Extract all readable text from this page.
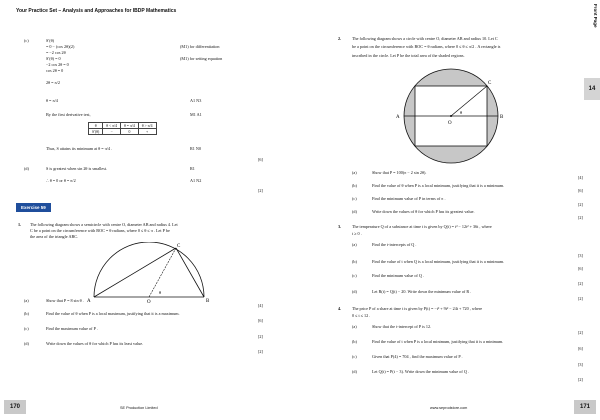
Your Practice Set – Analysis and Approaches for IBDP Mathematics
(c)	S′(θ)
= 0 − (cos 2θ)(2)	(M1) for differentiation
= −2 cos 2θ
S′(θ) = 0	(M1) for setting equation
−2 cos 2θ = 0
cos 2θ = 0
2θ = π/2
θ = π/4	A1 N3
By the first derivative test,	M1 A1
θ	θ < π/4	θ = π/4	θ > π/4
S′(θ)	−	0	+
Thus, S attains its minimum at θ = π/4 .	R1 N0
[6]
(d)	S is greatest when sin 2θ is smallest.	R1
∴ θ = 0 or θ = π/2	A1 N2
[2]
Exercise 59
1. The following diagram shows a semicircle with centre O, diameter AB and radius 4. Let
C be a point on the circumference with BOC = θ radians, where 0 ≤ θ ≤ π . Let P be
the area of the triangle ABC.
A	B
C
O
θ
(a)	Show that P = 8 sin θ .
[4]
(b)	Find the value of θ when P is a local maximum, justifying that it is a maximum.
[6]
(c)	Find the maximum value of P .
[2]
(d)	Write down the values of θ for which P has its least value.
[2]
170	SE Production Limited
Front Page
14
2.	The following diagram shows a circle with centre O, diameter AB and radius 10. Let C
be a point on the circumference with BOC = θ radians, where 0 ≤ θ ≤ π/2 . A rectangle is
inscribed in the circle. Let P be the total area of the shaded regions.
A	B
C
O
θ
(a)	Show that P = 100(π − 2 sin 2θ).
[4]
(b)	Find the value of θ when P is a local minimum, justifying that it is a minimum.
[6]
(c)	Find the minimum value of P in terms of π .
[2]
(d)	Write down the values of θ for which P has its greatest value.
[2]
3.	The temperature Q of a substance at time t is given by Q(t) = t³ − 12t² + 36t , where
t ≥ 0 .
(a)	Find the t-intercepts of Q .
[3]
(b)	Find the value of t when Q is a local minimum, justifying that it is a minimum.
[6]
(c)	Find the minimum value of Q .
[2]
(d)	Let R(t) = Q(t) − 20. Write down the minimum value of R .
[2]
4.	The price P of a share at time t is given by P(t) = −t³ + 9t² − 24t + 720 , where
0 ≤ t ≤ 12 .
(a)	Show that the t-intercept of P is 12.
[2]
(b)	Find the value of t when P is a local minimum, justifying that it is a minimum.
[6]
(c)	Given that P(4) = 704 , find the maximum value of P .
[3]
(d)	Let Q(t) = P(t − 3). Write down the minimum value of Q .
[2]
www.seprodstore.com	171
